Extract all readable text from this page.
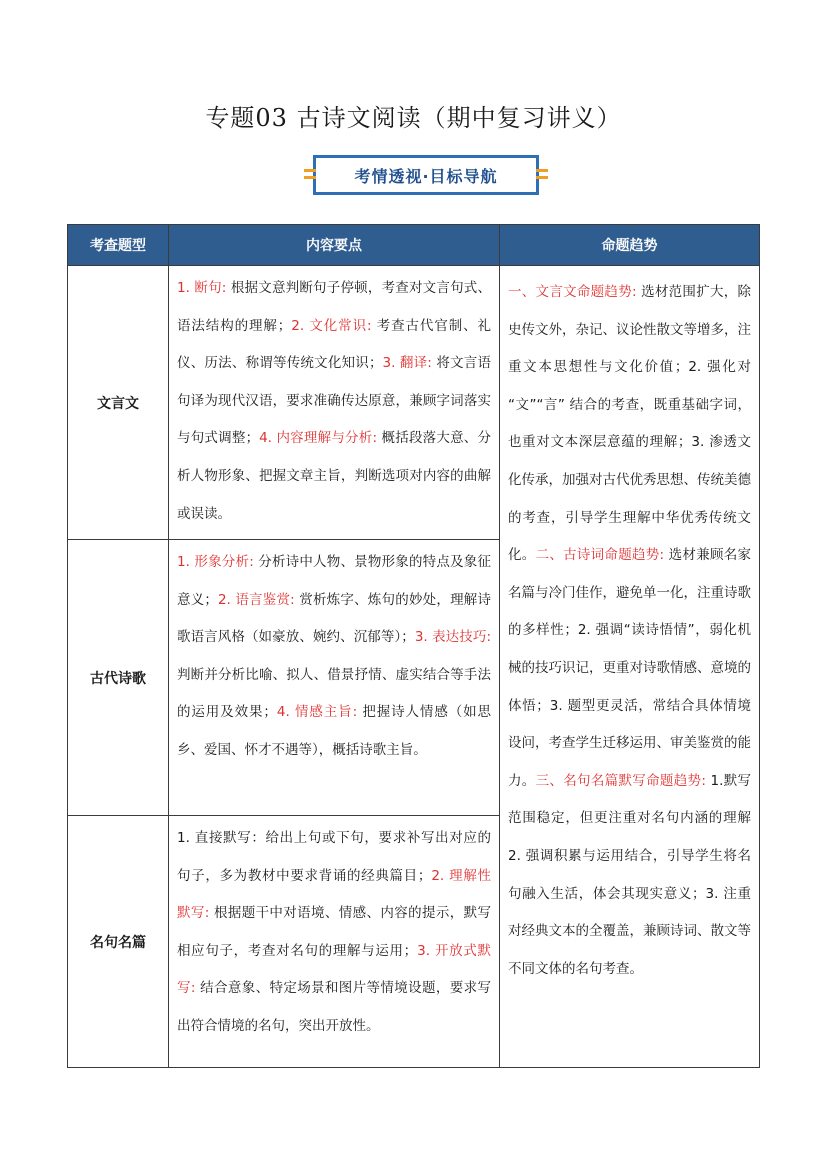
专题03 古诗文阅读（期中复习讲义）
考情透视·目标导航
考查题型	内容要点	命题趋势
文言文	1. 断句: 根据文意判断句子停顿，考查对文言句式、语法结构的理解；2. 文化常识: 考查古代官制、礼仪、历法、称谓等传统文化知识；3. 翻译: 将文言语句译为现代汉语，要求准确传达原意，兼顾字词落实与句式调整；4. 内容理解与分析: 概括段落大意、分析人物形象、把握文章主旨，判断选项对内容的曲解或误读。	一、文言文命题趋势: 选材范围扩大，除史传文外，杂记、议论性散文等增多，注重文本思想性与文化价值；2. 强化对 “文”“言” 结合的考查，既重基础字词，也重对文本深层意蕴的理解；3. 渗透文化传承，加强对古代优秀思想、传统美德的考查，引导学生理解中华优秀传统文化。二、古诗词命题趋势: 选材兼顾名家名篇与冷门佳作，避免单一化，注重诗歌的多样性；2. 强调“读诗悟情”，弱化机械的技巧识记，更重对诗歌情感、意境的体悟；3. 题型更灵活，常结合具体情境设问，考查学生迁移运用、审美鉴赏的能力。三、名句名篇默写命题趋势: 1.默写范围稳定，但更注重对名句内涵的理解 2. 强调积累与运用结合，引导学生将名句融入生活，体会其现实意义；3. 注重对经典文本的全覆盖，兼顾诗词、散文等不同文体的名句考查。
古代诗歌	1. 形象分析: 分析诗中人物、景物形象的特点及象征意义；2. 语言鉴赏: 赏析炼字、炼句的妙处，理解诗歌语言风格（如豪放、婉约、沉郁等）；3. 表达技巧: 判断并分析比喻、拟人、借景抒情、虚实结合等手法的运用及效果；4. 情感主旨: 把握诗人情感（如思乡、爱国、怀才不遇等），概括诗歌主旨。	
名句名篇	1. 直接默写：给出上句或下句，要求补写出对应的句子，多为教材中要求背诵的经典篇目；2. 理解性默写: 根据题干中对语境、情感、内容的提示，默写相应句子，考查对名句的理解与运用；3. 开放式默写: 结合意象、特定场景和图片等情境设题，要求写出符合情境的名句，突出开放性。	
